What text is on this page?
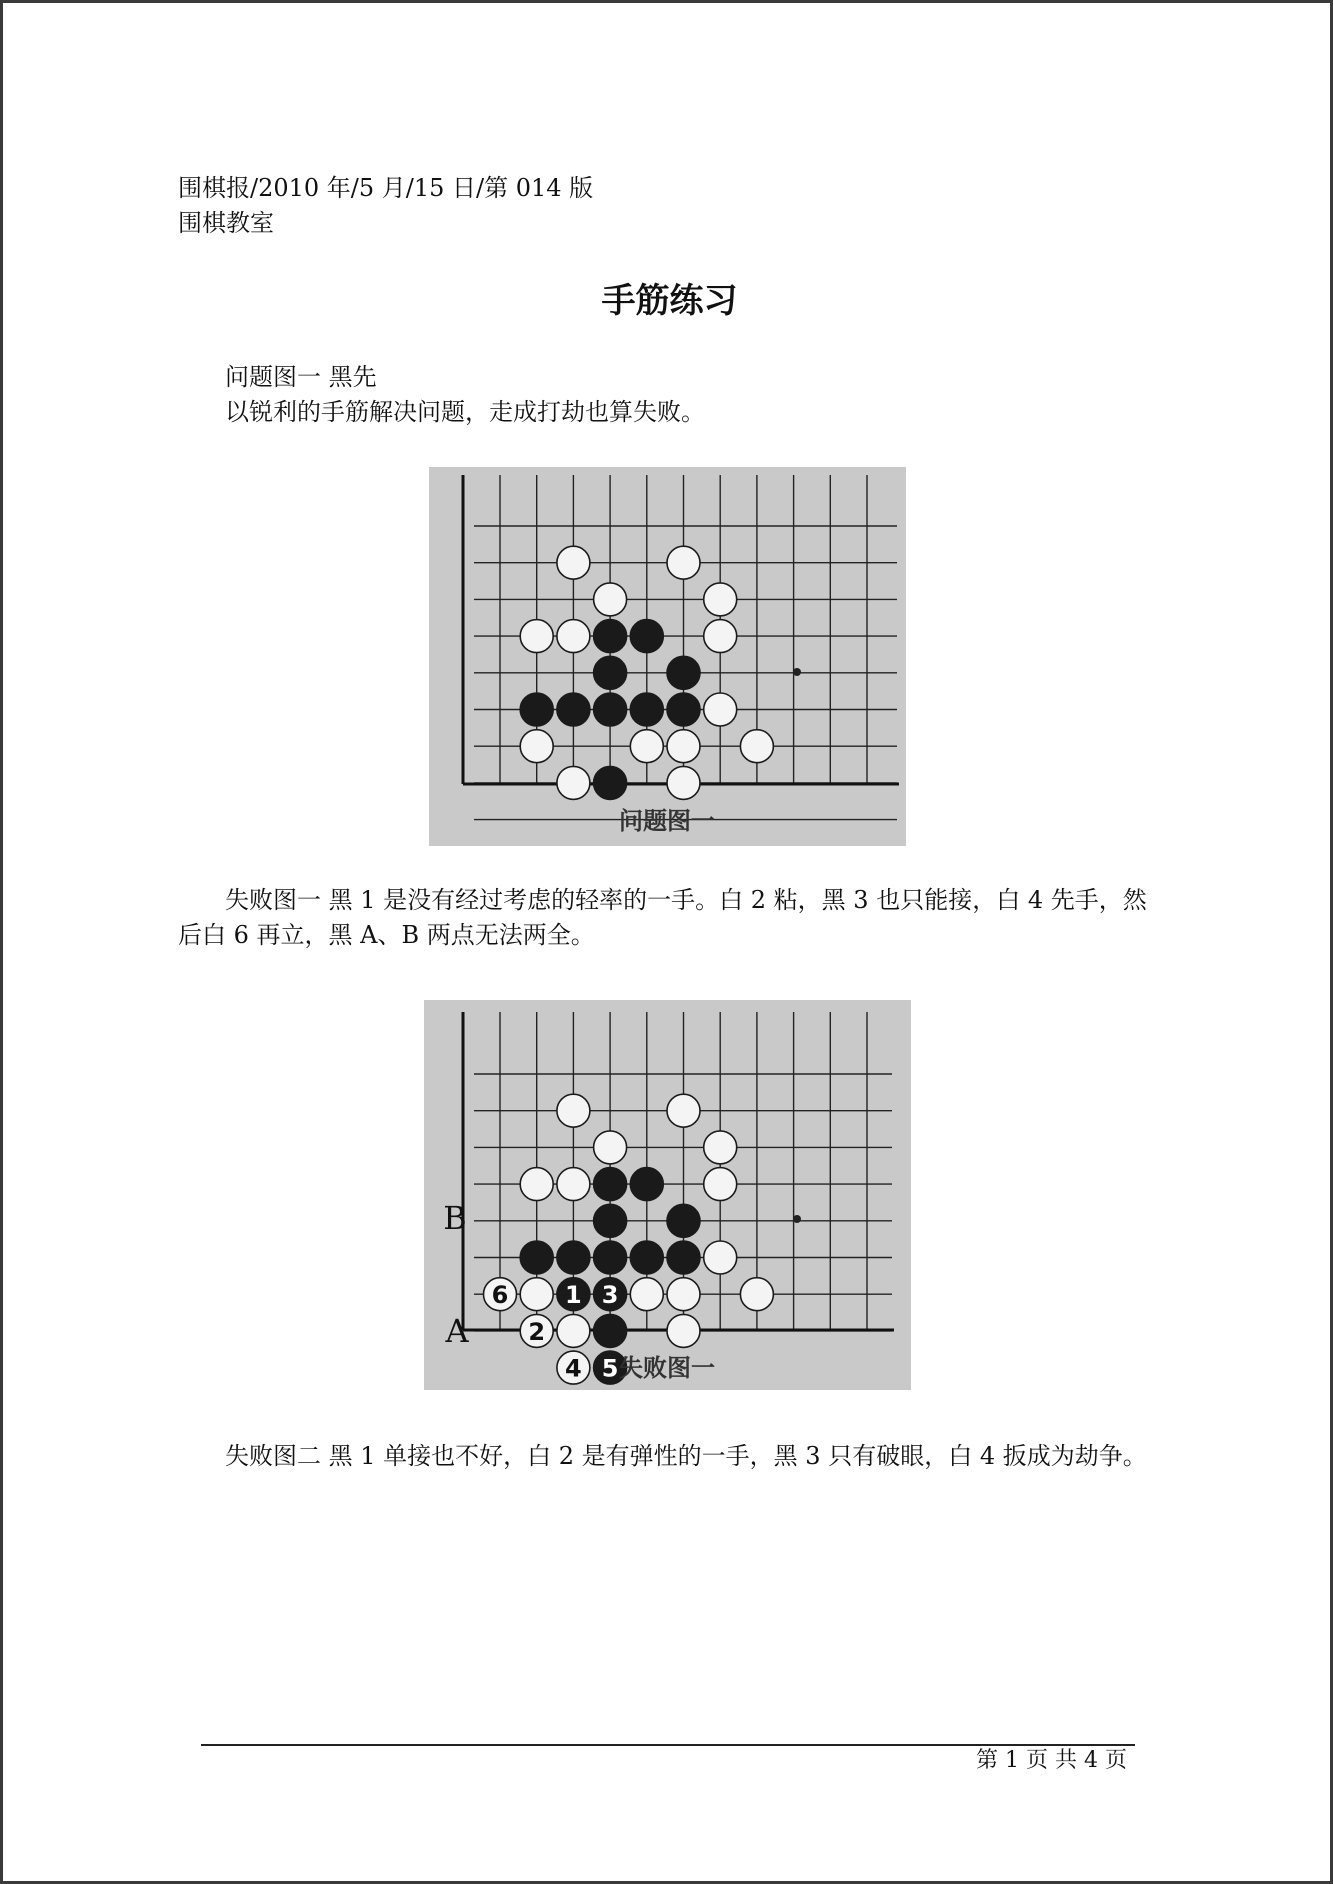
围棋报/2010 年/5 月/15 日/第 014 版
围棋教室
手筋练习
问题图一 黑先
以锐利的手筋解决问题，走成打劫也算失败。
问题图一
失败图一 黑 1 是没有经过考虑的轻率的一手。白 2 粘，黑 3 也只能接，白 4 先手，然后白 6 再立，黑 A、B 两点无法两全。
1
2
3
4 5
6
B
A
失败图一
失败图二 黑 1 单接也不好，白 2 是有弹性的一手，黑 3 只有破眼，白 4 扳成为劫争。
第 1 页 共 4 页
